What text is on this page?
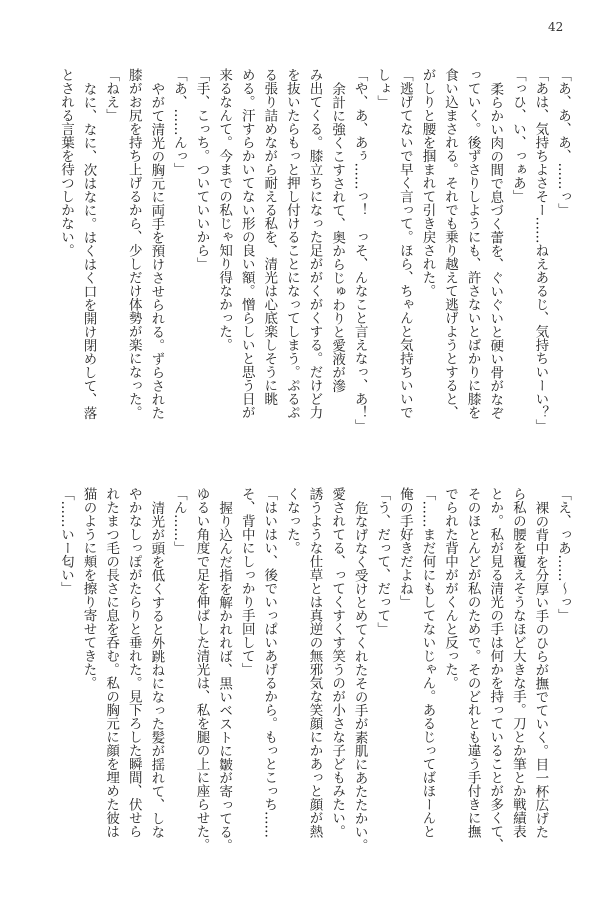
42
「あ、あ、あ、……っ」
「あは、気持ちよさそー……ねえあるじ、気持ちいーい？」
「っひ、い、っぁあ」
柔らかい肉の間で息づく蕾を、ぐいぐいと硬い骨がなぞ
っていく。後ずさりしようにも、許さないとばかりに膝を
食い込まされる。それでも乗り越えて逃げようとすると、
がしりと腰を掴まれて引き戻された。
「逃げてないで早く言って。ほら、ちゃんと気持ちいいで
しょ」
「や、あ、あぅ……っ！　っそ、んなこと言えなっ、あ！」
余計に強くこすされて、奥からじゅわりと愛液が滲
み出てくる。膝立ちになった足ががくがくする。だけど力
を抜いたらもっと押し付けることになってしまう。ぷるぷ
る張り詰めながら耐える私を、清光は心底楽しそうに眺
める。汗すらかいてない形の良い額。憎らしいと思う日が
来るなんて。今までの私じゃ知り得なかった。
「手、こっち。ついていいから」
「あ、……んっ」
やがて清光の胸元に両手を預けさせられる。ずらされた
膝がお尻を持ち上げるから、少しだけ体勢が楽になった。
「ねえ」
なに、なに、次はなに。はくはく口を開け閉めして、落
とされる言葉を待つしかない。
「え、っあ……〜っ」
裸の背中を分厚い手のひらが撫でていく。目一杯広げた
ら私の腰を覆えそうなほど大きな手。刀とか筆とか戦績表
とか。私が見る清光の手は何かを持っていることが多くて、
そのほとんどが私のためで。そのどれとも違う手付きに撫
でられた背中ががくんと反った。
「……まだ何にもしてないじゃん。あるじってばほーんと
俺の手好きだよね」
「う、だって、だって」
危なげなく受けとめてくれたその手が素肌にあたたかい。
愛されてる、ってくすくす笑うのが小さな子どもみたい。
誘うような仕草とは真逆の無邪気な笑顔にかあっと顔が熱
くなった。
「はいはい、後でいっぱいあげるから。もっとこっち……
そ、背中にしっかり手回して」
握り込んだ指を解かれれば、黒いベストに皺が寄ってる。
ゆるい角度で足を伸ばした清光は、私を腿の上に座らせた。
「ん……」
清光が頭を低くすると外跳ねになった髪が揺れて、しな
やかなしっぽがたらりと垂れた。見下ろした瞬間、伏せら
れたまつ毛の長さに息を呑む。私の胸元に顔を埋めた彼は
猫のように頬を擦り寄せてきた。
「……いー匂い」
